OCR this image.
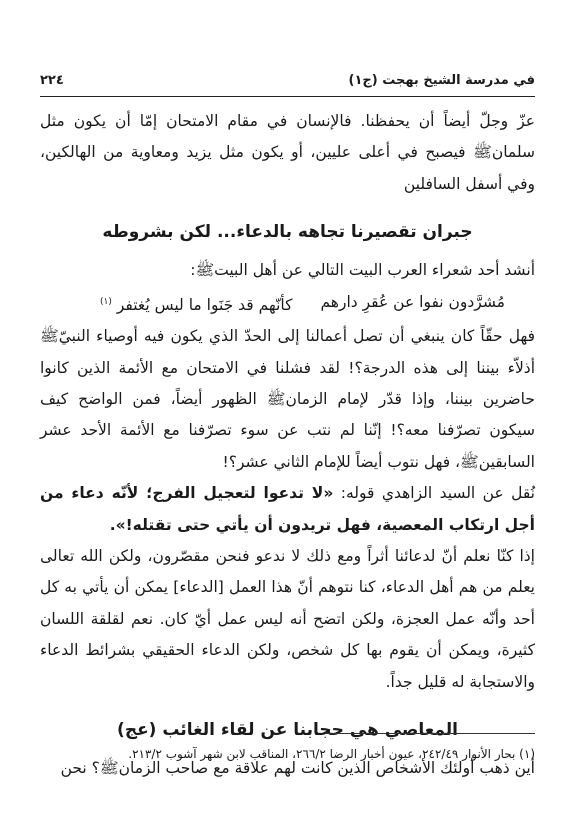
في مدرسة الشيخ بهجت (ج١)
٢٢٤

عزّ وجلّ أيضاً أن يحفظنا. فالإنسان في مقام الامتحان إمّا أن يكون مثل سلمانﷺ فيصبح في أعلى عليين، أو يكون مثل يزيد ومعاوية من الهالكين، وفي أسفل السافلين

جبران تقصيرنا تجاهه بالدعاء... لكن بشروطه

أنشد أحد شعراء العرب البيت التالي عن أهل البيتﷺ:

مُشرَّدون نفوا عن عُقرِ دارهم
كأنّهم قد جَنَوا ما ليس يُغتفر $^{(١)}$

فهل حقّاً كان ينبغي أن تصل أعمالنا إلى الحدّ الذي يكون فيه أوصياء النبيّﷺ أذلاّء بيننا إلى هذه الدرجة؟! لقد فشلنا في الامتحان مع الأئمة الذين كانوا حاضرين بيننا، وإذا قدّر لإمام الزمانﷺ الظهور أيضاً، فمن الواضح كيف سيكون تصرّفنا معه؟! إنّنا لم نتب عن سوء تصرّفنا مع الأئمة الأحد عشر السابقينﷺ، فهل نتوب أيضاً للإمام الثاني عشر؟!

نُقل عن السيد الزاهدي قوله: «لا تدعوا لتعجيل الفرج؛ لأنّه دعاء من أجل ارتكاب المعصية، فهل تريدون أن يأتي حتى تقتله!».

إذا كنّا نعلم أنّ لدعائنا أثراً ومع ذلك لا ندعو فنحن مقصّرون، ولكن الله تعالى يعلم من هم أهل الدعاء، كنا نتوهم أنّ هذا العمل [الدعاء] يمكن أن يأتي به كل أحد وأنّه عمل العجزة، ولكن اتضح أنه ليس عمل أيّ كان. نعم لقلقة اللسان كثيرة، ويمكن أن يقوم بها كل شخص، ولكن الدعاء الحقيقي بشرائط الدعاء والاستجابة له قليل جداً.

المعاصي هي حجابنا عن لقاء الغائب (عج)

أين ذهب أولئك الأشخاص الذين كانت لهم علاقة مع صاحب الزمانﷺ؟ نحن

(١) بحار الأنوار ٢٤٢/٤٩، عيون أخبار الرضا ٢٦٦/٢، المناقب لابن شهر آشوب ٢١٣/٢.
